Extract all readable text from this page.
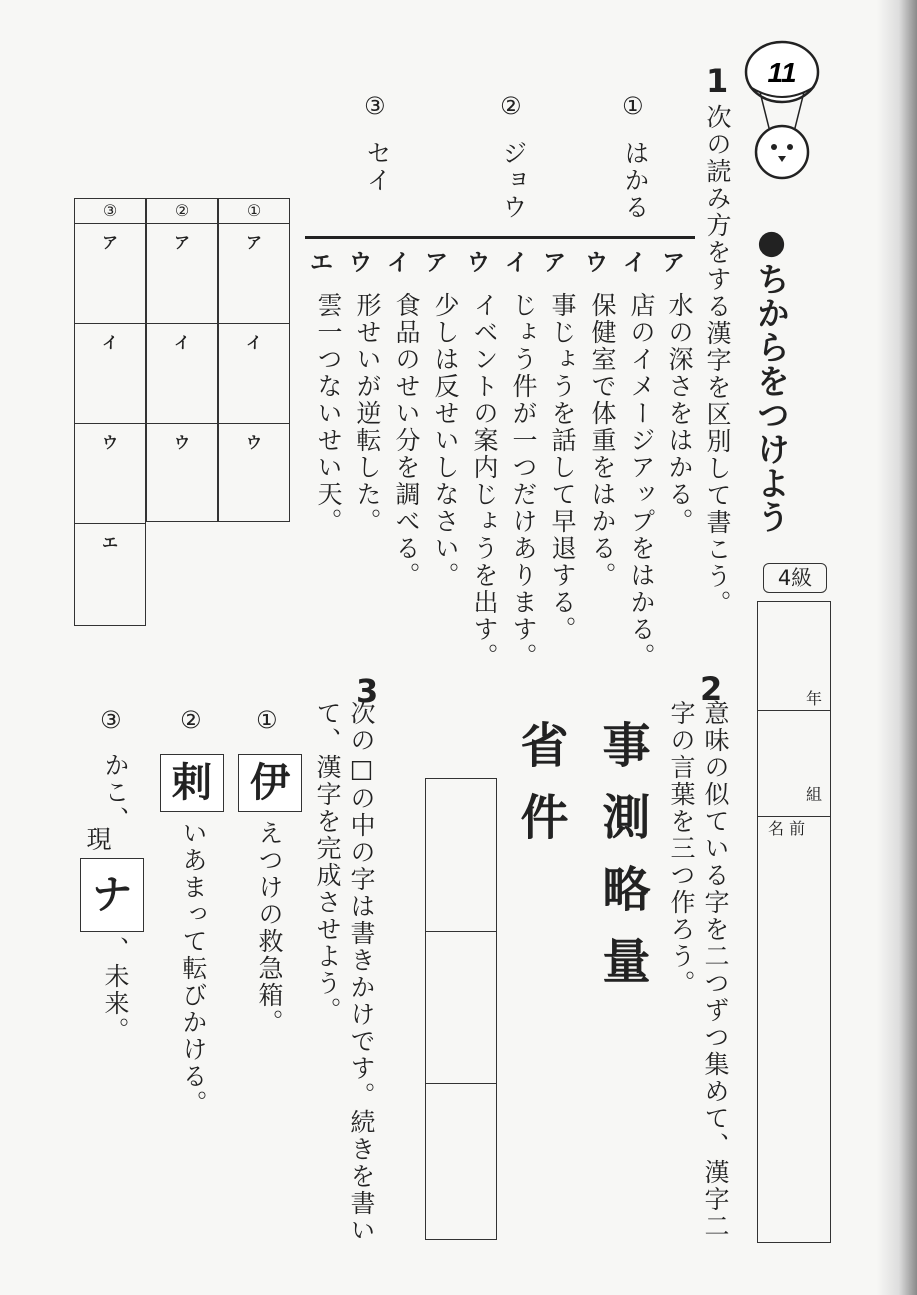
11
●ちからをつけよう
4級
年
組
名 前
1
次の読み方をする漢字を区別して書こう。
①
はかる
②
ジョウ
③
セイ
ア
イ
ウ
ア
イ
ウ
ア
イ
ウ
エ
水の深さをはかる。
店のイメージアップをはかる。
保健室で体重をはかる。
事じょうを話して早退する。
じょう件が一つだけあります。
イベントの案内じょうを出す。
少しは反せいしなさい。
食品のせい分を調べる。
形せいが逆転した。
雲一つないせい天。
①
ア
イ
ウ
②
ア
イ
ウ
③
ア
イ
ウ
エ
2
意味の似ている字を二つずつ集めて、漢字二字の言葉を三つ作ろう。
事測略量
省件
3
次の□の中の字は書きかけです。続きを書いて、漢字を完成させよう。
①
伊
えつけの救急箱。
②
剌
いあまって転びかける。
③
かこ、
現
ナ
、未来。
